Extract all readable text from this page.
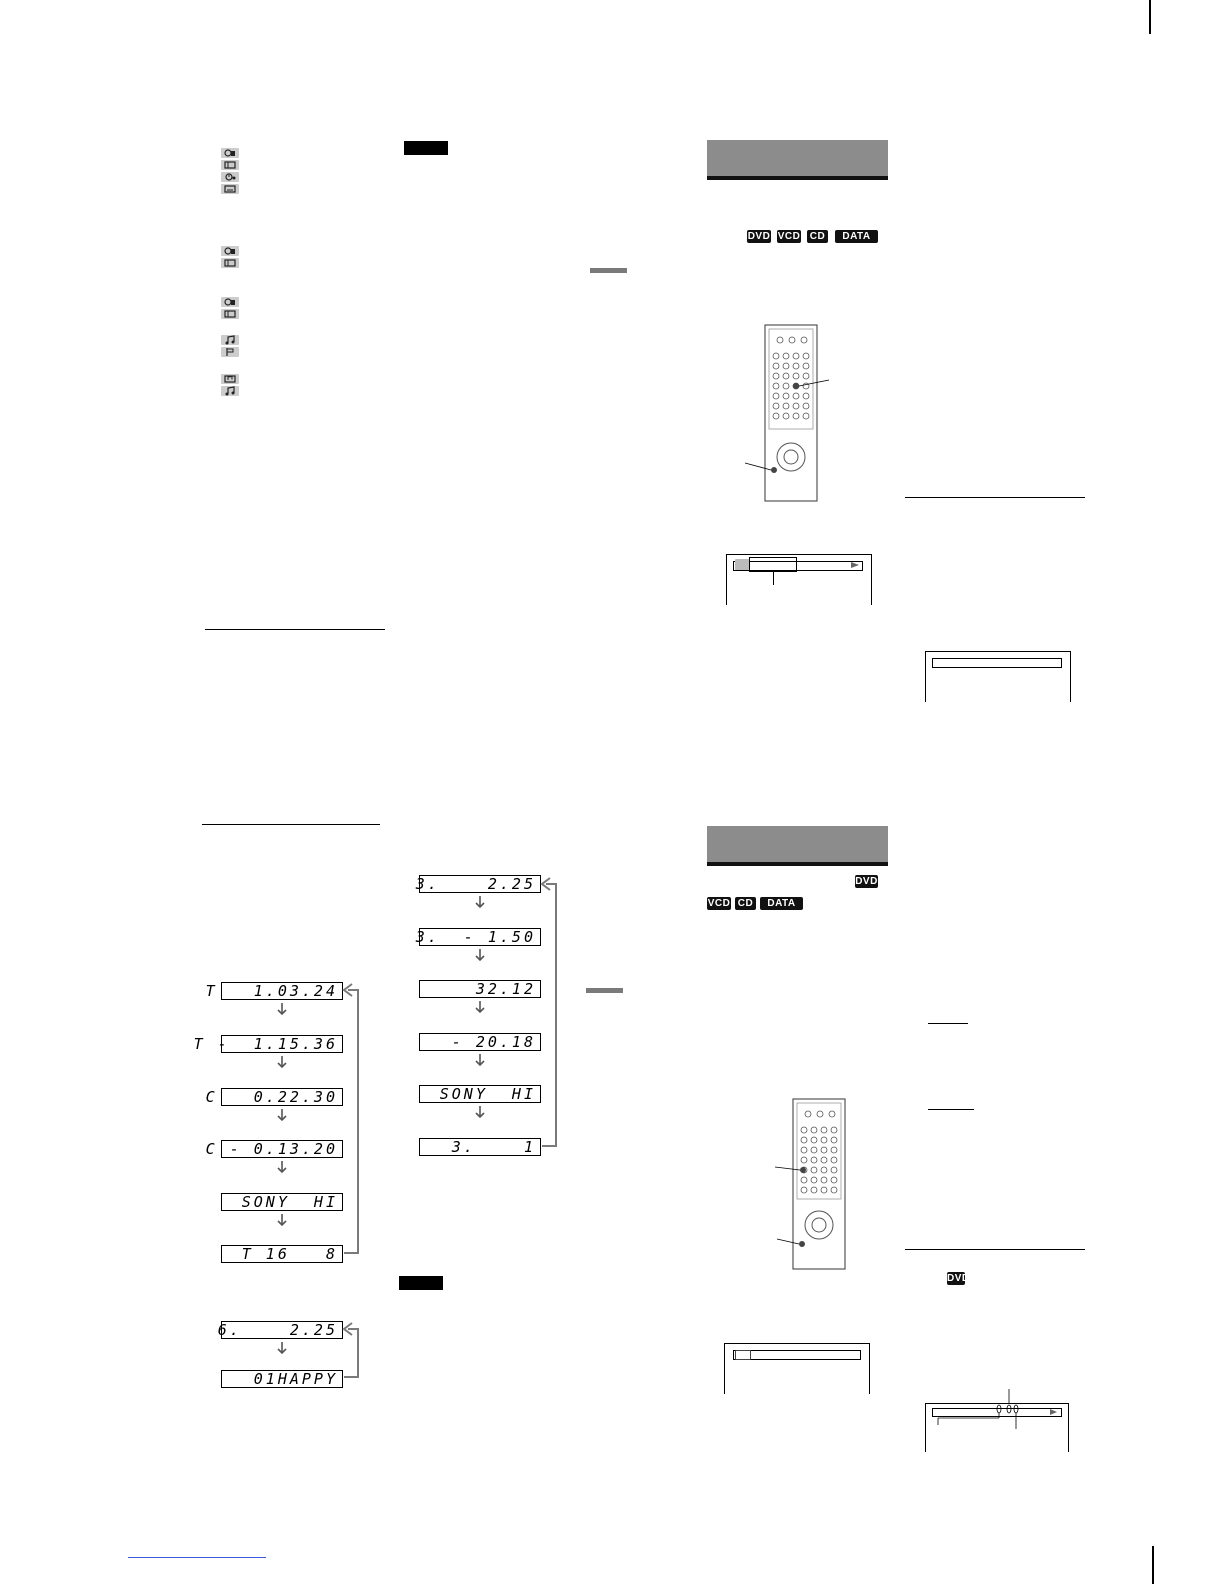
T   1.03.24
T -  1.15.36
C   0.22.30
C - 0.13.20
SONY  HI
T 16   8
3.    2.25
3.  - 1.50
32.12
- 20.18
SONY  HI
3.    1
6.    2.25
01HAPPY
DVD VCD CD	DATA CD
DVD
VCD CD	DATA CD
DVD
